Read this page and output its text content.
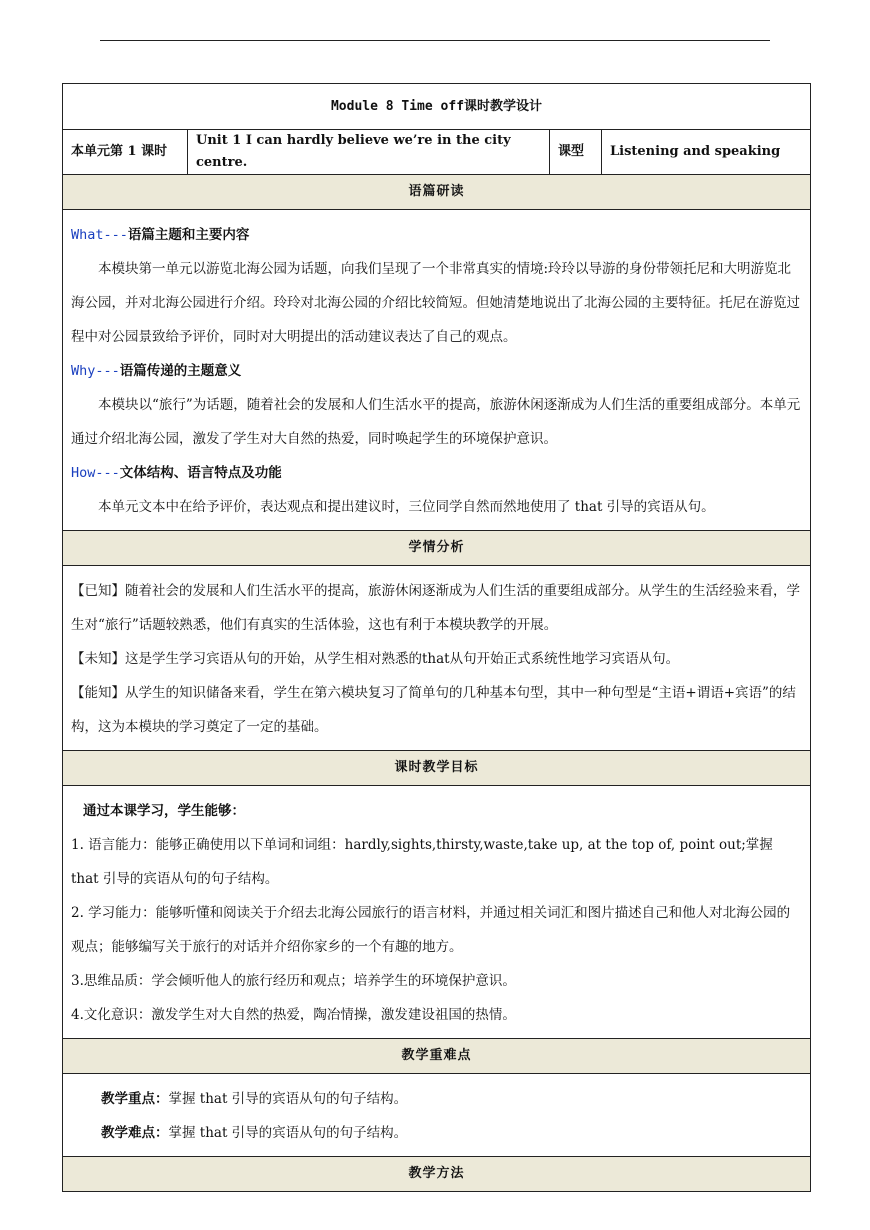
Module 8 Time off课时教学设计
本单元第 1 课时	Unit 1 I can hardly believe we’re in the city centre.	课型	Listening and speaking
语篇研读

What---语篇主题和主要内容

本模块第一单元以游览北海公园为话题，向我们呈现了一个非常真实的情境:玲玲以导游的身份带领托尼和大明游览北海公园，并对北海公园进行介绍。玲玲对北海公园的介绍比较简短。但她清楚地说出了北海公园的主要特征。托尼在游览过程中对公园景致给予评价，同时对大明提出的活动建议表达了自己的观点。

Why---语篇传递的主题意义

本模块以“旅行”为话题，随着社会的发展和人们生活水平的提高，旅游休闲逐渐成为人们生活的重要组成部分。本单元通过介绍北海公园，激发了学生对大自然的热爱，同时唤起学生的环境保护意识。

How---文体结构、语言特点及功能

本单元文本中在给予评价，表达观点和提出建议时，三位同学自然而然地使用了 that 引导的宾语从句。

学情分析

【已知】随着社会的发展和人们生活水平的提高，旅游休闲逐渐成为人们生活的重要组成部分。从学生的生活经验来看，学生对“旅行”话题较熟悉，他们有真实的生活体验，这也有利于本模块教学的开展。

【未知】这是学生学习宾语从句的开始，从学生相对熟悉的that从句开始正式系统性地学习宾语从句。

【能知】从学生的知识储备来看，学生在第六模块复习了简单句的几种基本句型，其中一种句型是“主语+谓语+宾语”的结构，这为本模块的学习奠定了一定的基础。

课时教学目标

通过本课学习，学生能够：

1. 语言能力：能够正确使用以下单词和词组：hardly,sights,thirsty,waste,take up, at the top of, point out;掌握 that 引导的宾语从句的句子结构。

2. 学习能力：能够听懂和阅读关于介绍去北海公园旅行的语言材料，并通过相关词汇和图片描述自己和他人对北海公园的观点；能够编写关于旅行的对话并介绍你家乡的一个有趣的地方。

3.思维品质：学会倾听他人的旅行经历和观点；培养学生的环境保护意识。

4.文化意识：激发学生对大自然的热爱，陶冶情操，激发建设祖国的热情。

教学重难点

教学重点：掌握 that 引导的宾语从句的句子结构。

教学难点：掌握 that 引导的宾语从句的句子结构。

教学方法
